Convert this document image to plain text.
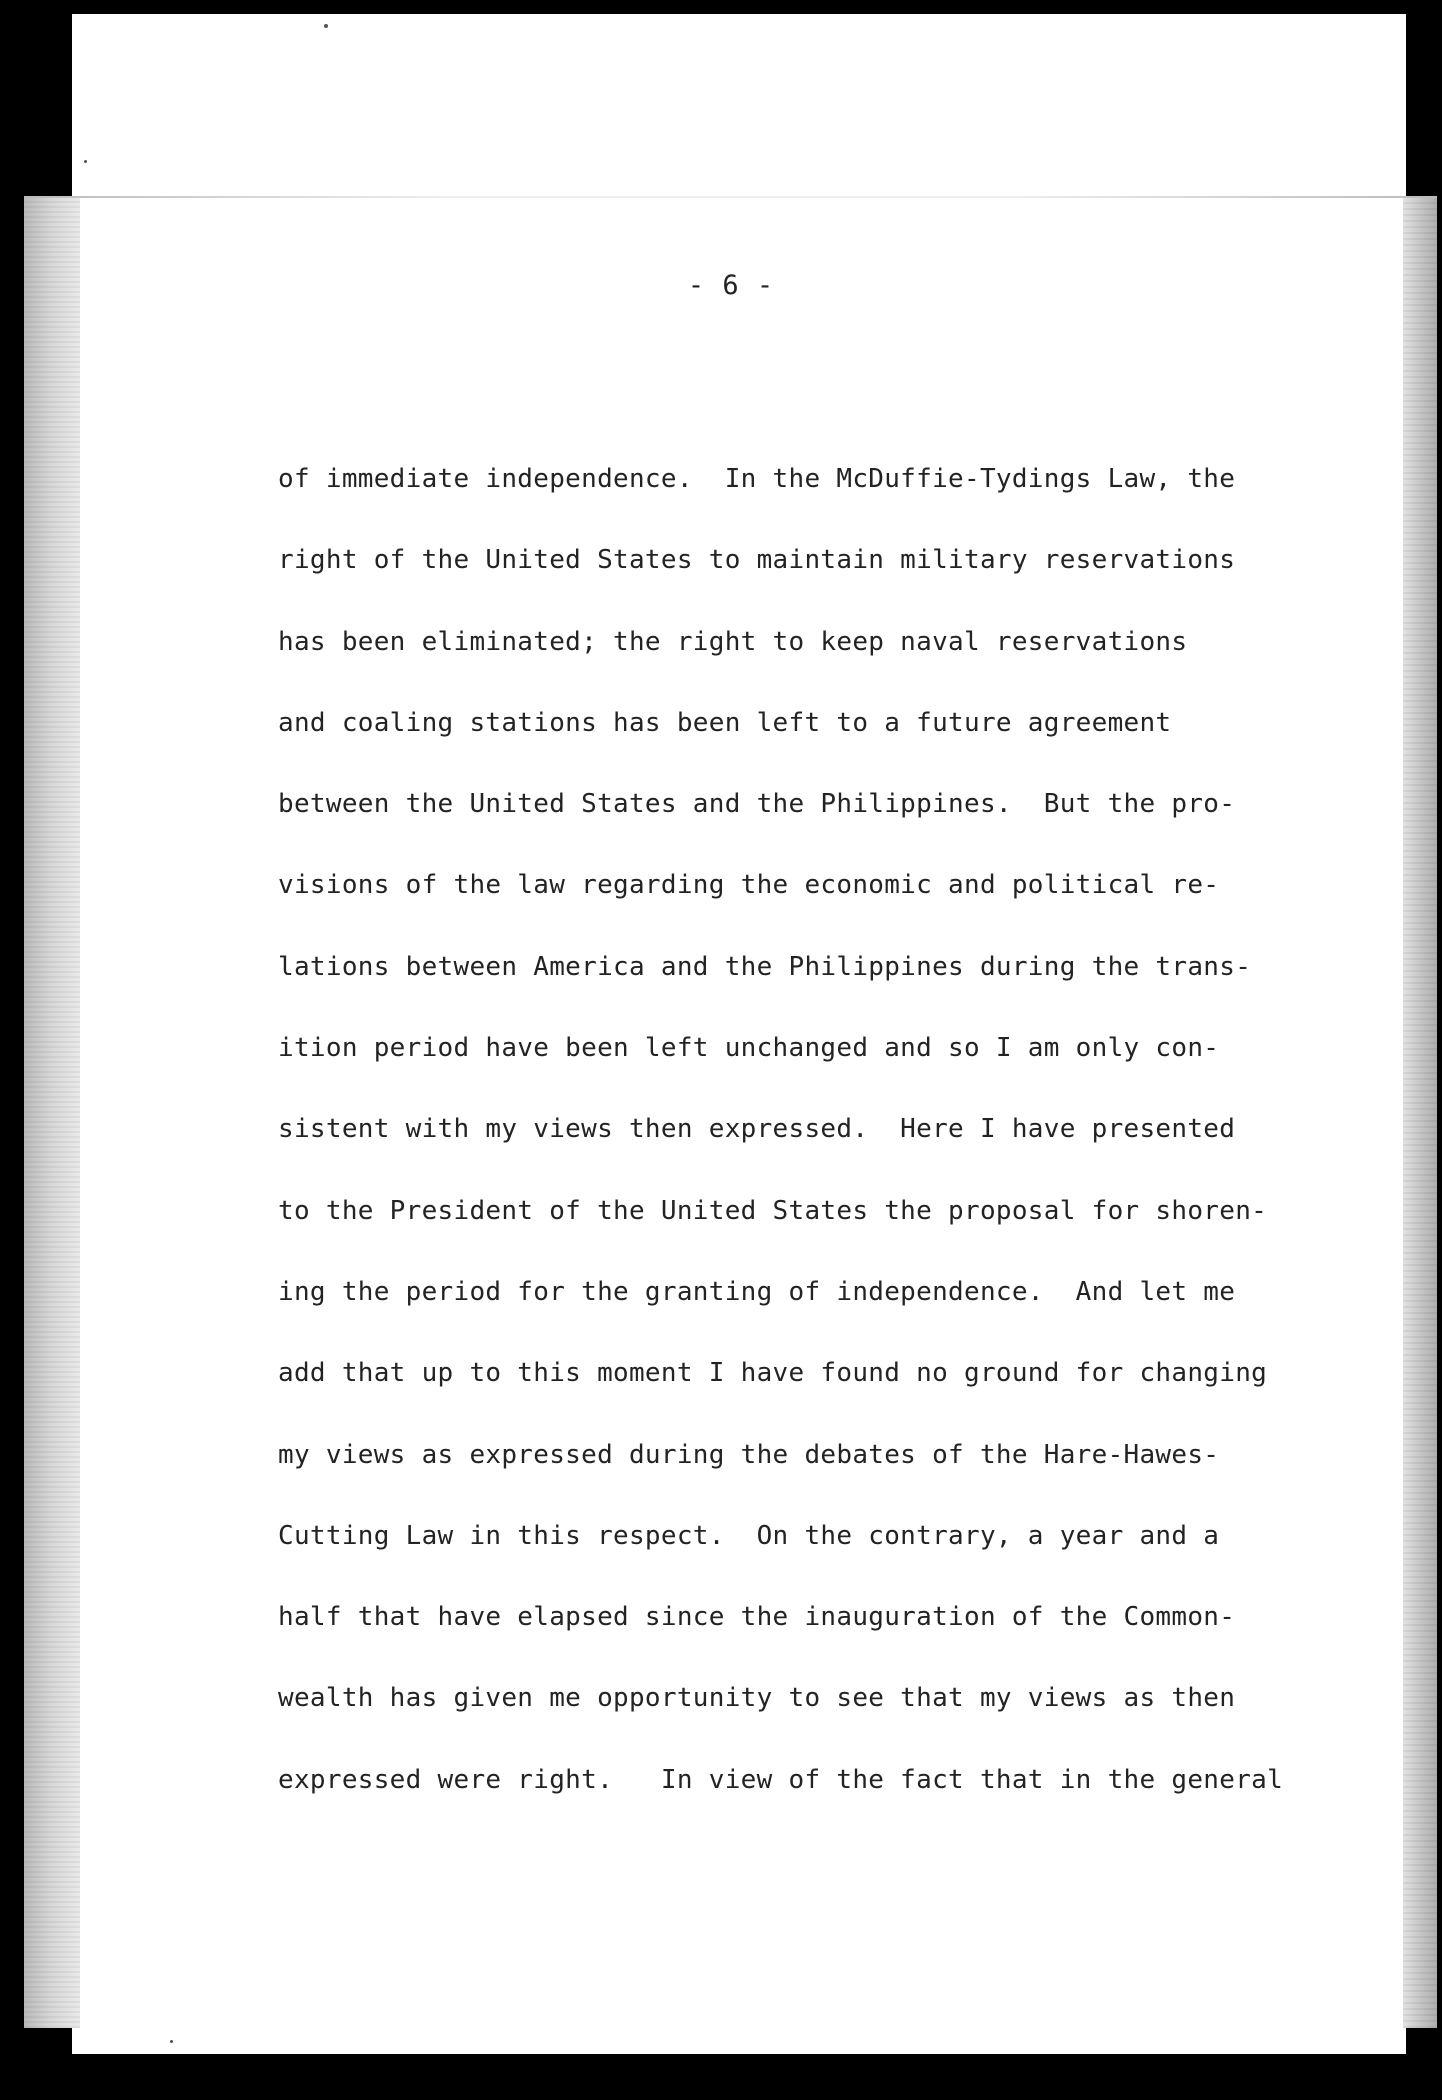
- 6 -
of immediate independence.  In the McDuffie-Tydings Law, the
right of the United States to maintain military reservations
has been eliminated; the right to keep naval reservations
and coaling stations has been left to a future agreement
between the United States and the Philippines.  But the pro-
visions of the law regarding the economic and political re-
lations between America and the Philippines during the trans-
ition period have been left unchanged and so I am only con-
sistent with my views then expressed.  Here I have presented
to the President of the United States the proposal for shoren-
ing the period for the granting of independence.  And let me
add that up to this moment I have found no ground for changing
my views as expressed during the debates of the Hare-Hawes-
Cutting Law in this respect.  On the contrary, a year and a
half that have elapsed since the inauguration of the Common-
wealth has given me opportunity to see that my views as then
expressed were right.   In view of the fact that in the general
